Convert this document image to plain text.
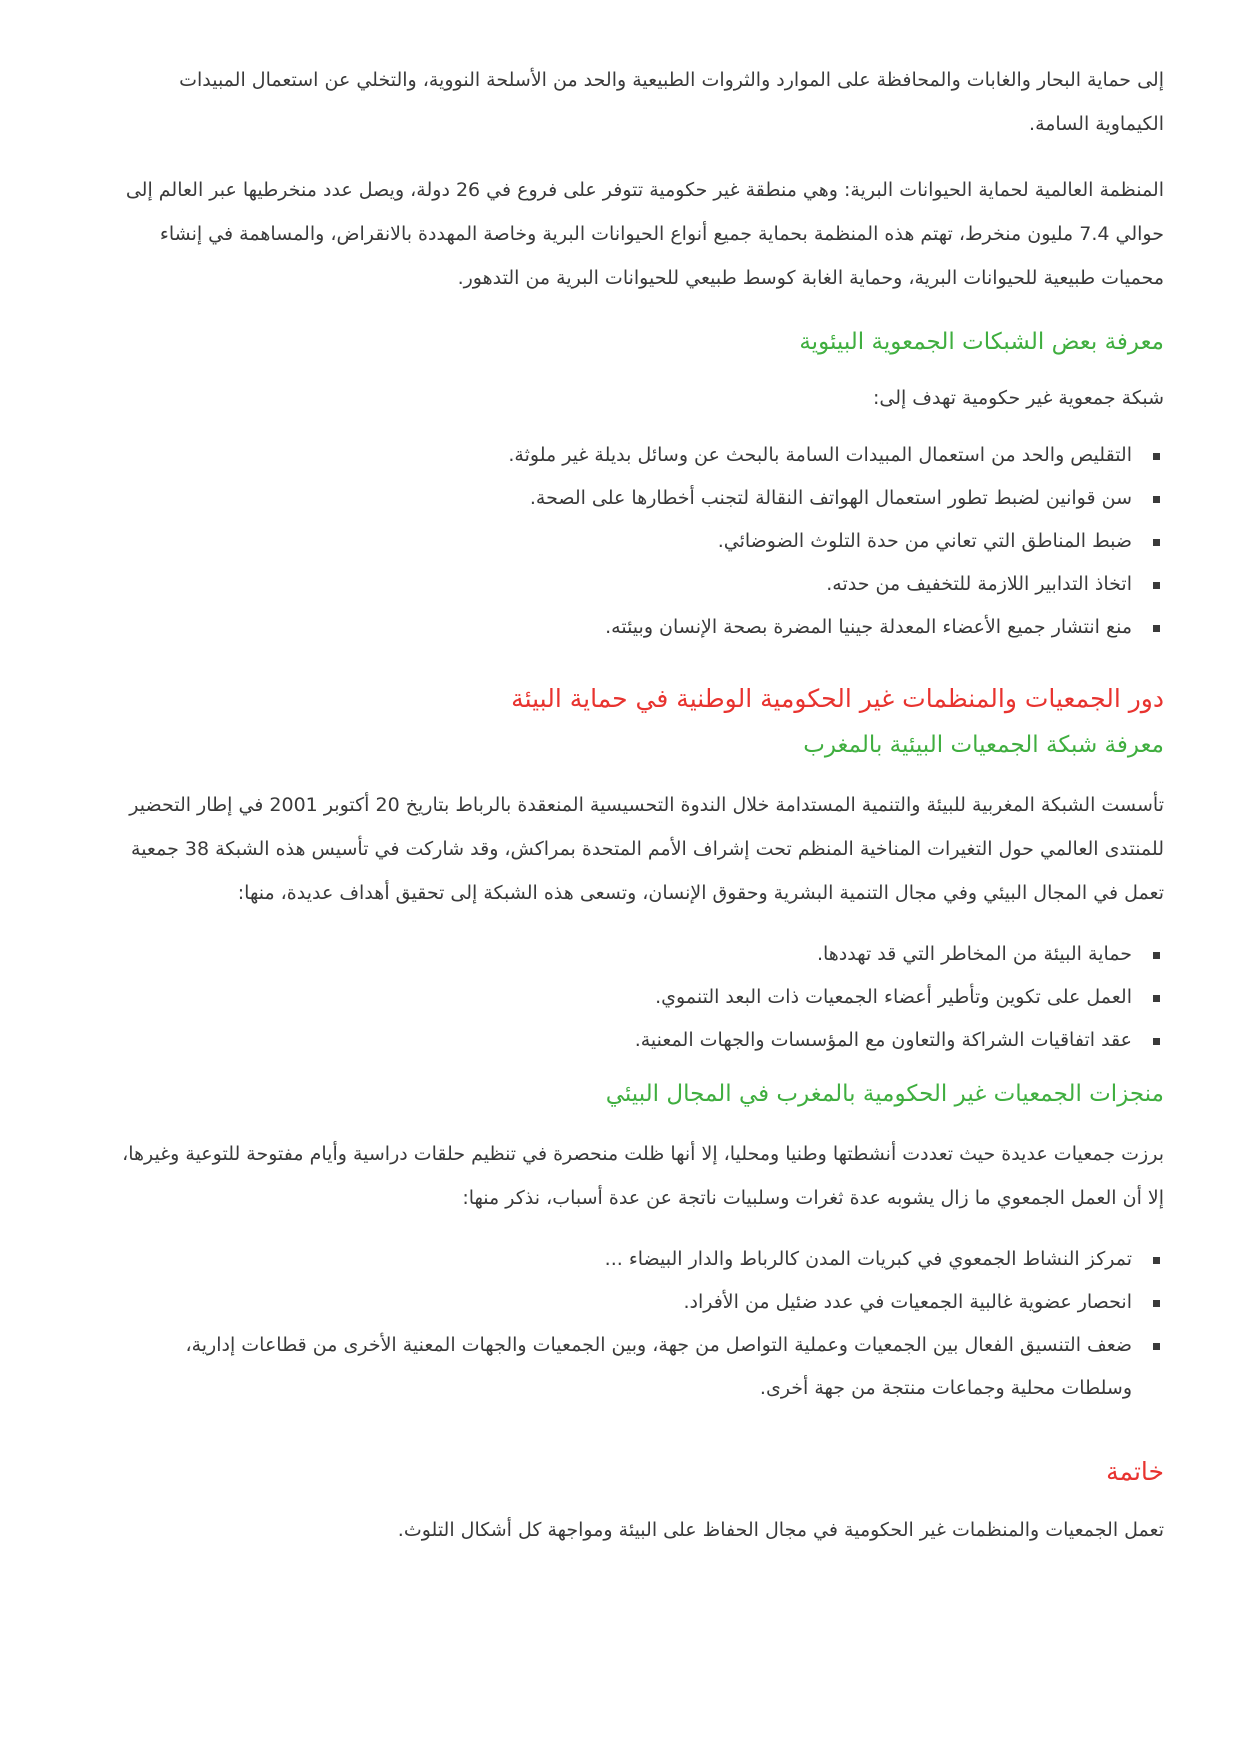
إلى حماية البحار والغابات والمحافظة على الموارد والثروات الطبيعية والحد من الأسلحة النووية، والتخلي عن استعمال المبيدات الكيماوية السامة.

المنظمة العالمية لحماية الحيوانات البرية: وهي منطقة غير حكومية تتوفر على فروع في 26 دولة، ويصل عدد منخرطيها عبر العالم إلى حوالي 7.4 مليون منخرط، تهتم هذه المنظمة بحماية جميع أنواع الحيوانات البرية وخاصة المهددة بالانقراض، والمساهمة في إنشاء محميات طبيعية للحيوانات البرية، وحماية الغابة كوسط طبيعي للحيوانات البرية من التدهور.

معرفة بعض الشبكات الجمعوية البيئوية

شبكة جمعوية غير حكومية تهدف إلى:

التقليص والحد من استعمال المبيدات السامة بالبحث عن وسائل بديلة غير ملوثة.
سن قوانين لضبط تطور استعمال الهواتف النقالة لتجنب أخطارها على الصحة.
ضبط المناطق التي تعاني من حدة التلوث الضوضائي.
اتخاذ التدابير اللازمة للتخفيف من حدته.
منع انتشار جميع الأعضاء المعدلة جينيا المضرة بصحة الإنسان وبيئته.
دور الجمعيات والمنظمات غير الحكومية الوطنية في حماية البيئة
معرفة شبكة الجمعيات البيئية بالمغرب

تأسست الشبكة المغربية للبيئة والتنمية المستدامة خلال الندوة التحسيسية المنعقدة بالرباط بتاريخ 20 أكتوبر 2001 في إطار التحضير للمنتدى العالمي حول التغيرات المناخية المنظم تحت إشراف الأمم المتحدة بمراكش، وقد شاركت في تأسيس هذه الشبكة 38 جمعية تعمل في المجال البيئي وفي مجال التنمية البشرية وحقوق الإنسان، وتسعى هذه الشبكة إلى تحقيق أهداف عديدة، منها:

حماية البيئة من المخاطر التي قد تهددها.
العمل على تكوين وتأطير أعضاء الجمعيات ذات البعد التنموي.
عقد اتفاقيات الشراكة والتعاون مع المؤسسات والجهات المعنية.
منجزات الجمعيات غير الحكومية بالمغرب في المجال البيئي

برزت جمعيات عديدة حيث تعددت أنشطتها وطنيا ومحليا، إلا أنها ظلت منحصرة في تنظيم حلقات دراسية وأيام مفتوحة للتوعية وغيرها، إلا أن العمل الجمعوي ما زال يشوبه عدة ثغرات وسلبيات ناتجة عن عدة أسباب، نذكر منها:

تمركز النشاط الجمعوي في كبريات المدن كالرباط والدار البيضاء ...
انحصار عضوية غالبية الجمعيات في عدد ضئيل من الأفراد.
ضعف التنسيق الفعال بين الجمعيات وعملية التواصل من جهة، وبين الجمعيات والجهات المعنية الأخرى من قطاعات إدارية، وسلطات محلية وجماعات منتجة من جهة أخرى.
خاتمة

تعمل الجمعيات والمنظمات غير الحكومية في مجال الحفاظ على البيئة ومواجهة كل أشكال التلوث.
